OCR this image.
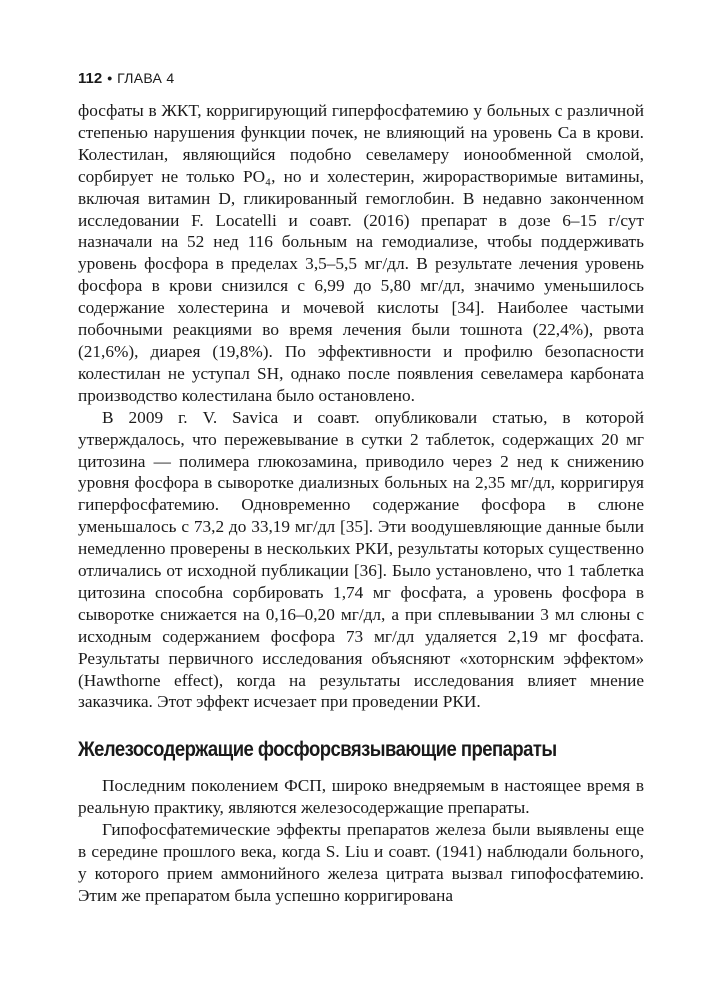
112 • ГЛАВА 4

фосфаты в ЖКТ, корригирующий гиперфосфатемию у больных с различной степенью нарушения функции почек, не влияющий на уровень Ca в крови. Колестилан, являющийся подобно севеламеру ионообменной смолой, сорбирует не только PO₄, но и холестерин, жирорастворимые витамины, включая витамин D, гликированный гемоглобин. В недавно законченном исследовании F. Locatelli и соавт. (2016) препарат в дозе 6–15 г/сут назначали на 52 нед 116 больным на гемодиализе, чтобы поддерживать уровень фосфора в пределах 3,5–5,5 мг/дл. В результате лечения уровень фосфора в крови снизился с 6,99 до 5,80 мг/дл, значимо уменьшилось содержание холестерина и мочевой кислоты [34]. Наиболее частыми побочными реакциями во время лечения были тошнота (22,4%), рвота (21,6%), диарея (19,8%). По эффективности и профилю безопасности колестилан не уступал SH, однако после появления севеламера карбоната производство колестилана было остановлено.

В 2009 г. V. Savica и соавт. опубликовали статью, в которой утверждалось, что пережевывание в сутки 2 таблеток, содержащих 20 мг цитозина — полимера глюкозамина, приводило через 2 нед к снижению уровня фосфора в сыворотке диализных больных на 2,35 мг/дл, корригируя гиперфосфатемию. Одновременно содержание фосфора в слюне уменьшалось с 73,2 до 33,19 мг/дл [35]. Эти воодушевляющие данные были немедленно проверены в нескольких РКИ, результаты которых существенно отличались от исходной публикации [36]. Было установлено, что 1 таблетка цитозина способна сорбировать 1,74 мг фосфата, а уровень фосфора в сыворотке снижается на 0,16–0,20 мг/дл, а при сплевывании 3 мл слюны с исходным содержанием фосфора 73 мг/дл удаляется 2,19 мг фосфата. Результаты первичного исследования объясняют «хоторнским эффектом» (Hawthorne effect), когда на результаты исследования влияет мнение заказчика. Этот эффект исчезает при проведении РКИ.

Железосодержащие фосфорсвязывающие препараты

Последним поколением ФСП, широко внедряемым в настоящее время в реальную практику, являются железосодержащие препараты.

Гипофосфатемические эффекты препаратов железа были выявлены еще в середине прошлого века, когда S. Liu и соавт. (1941) наблюдали больного, у которого прием аммонийного железа цитрата вызвал гипофосфатемию. Этим же препаратом была успешно корригирована
